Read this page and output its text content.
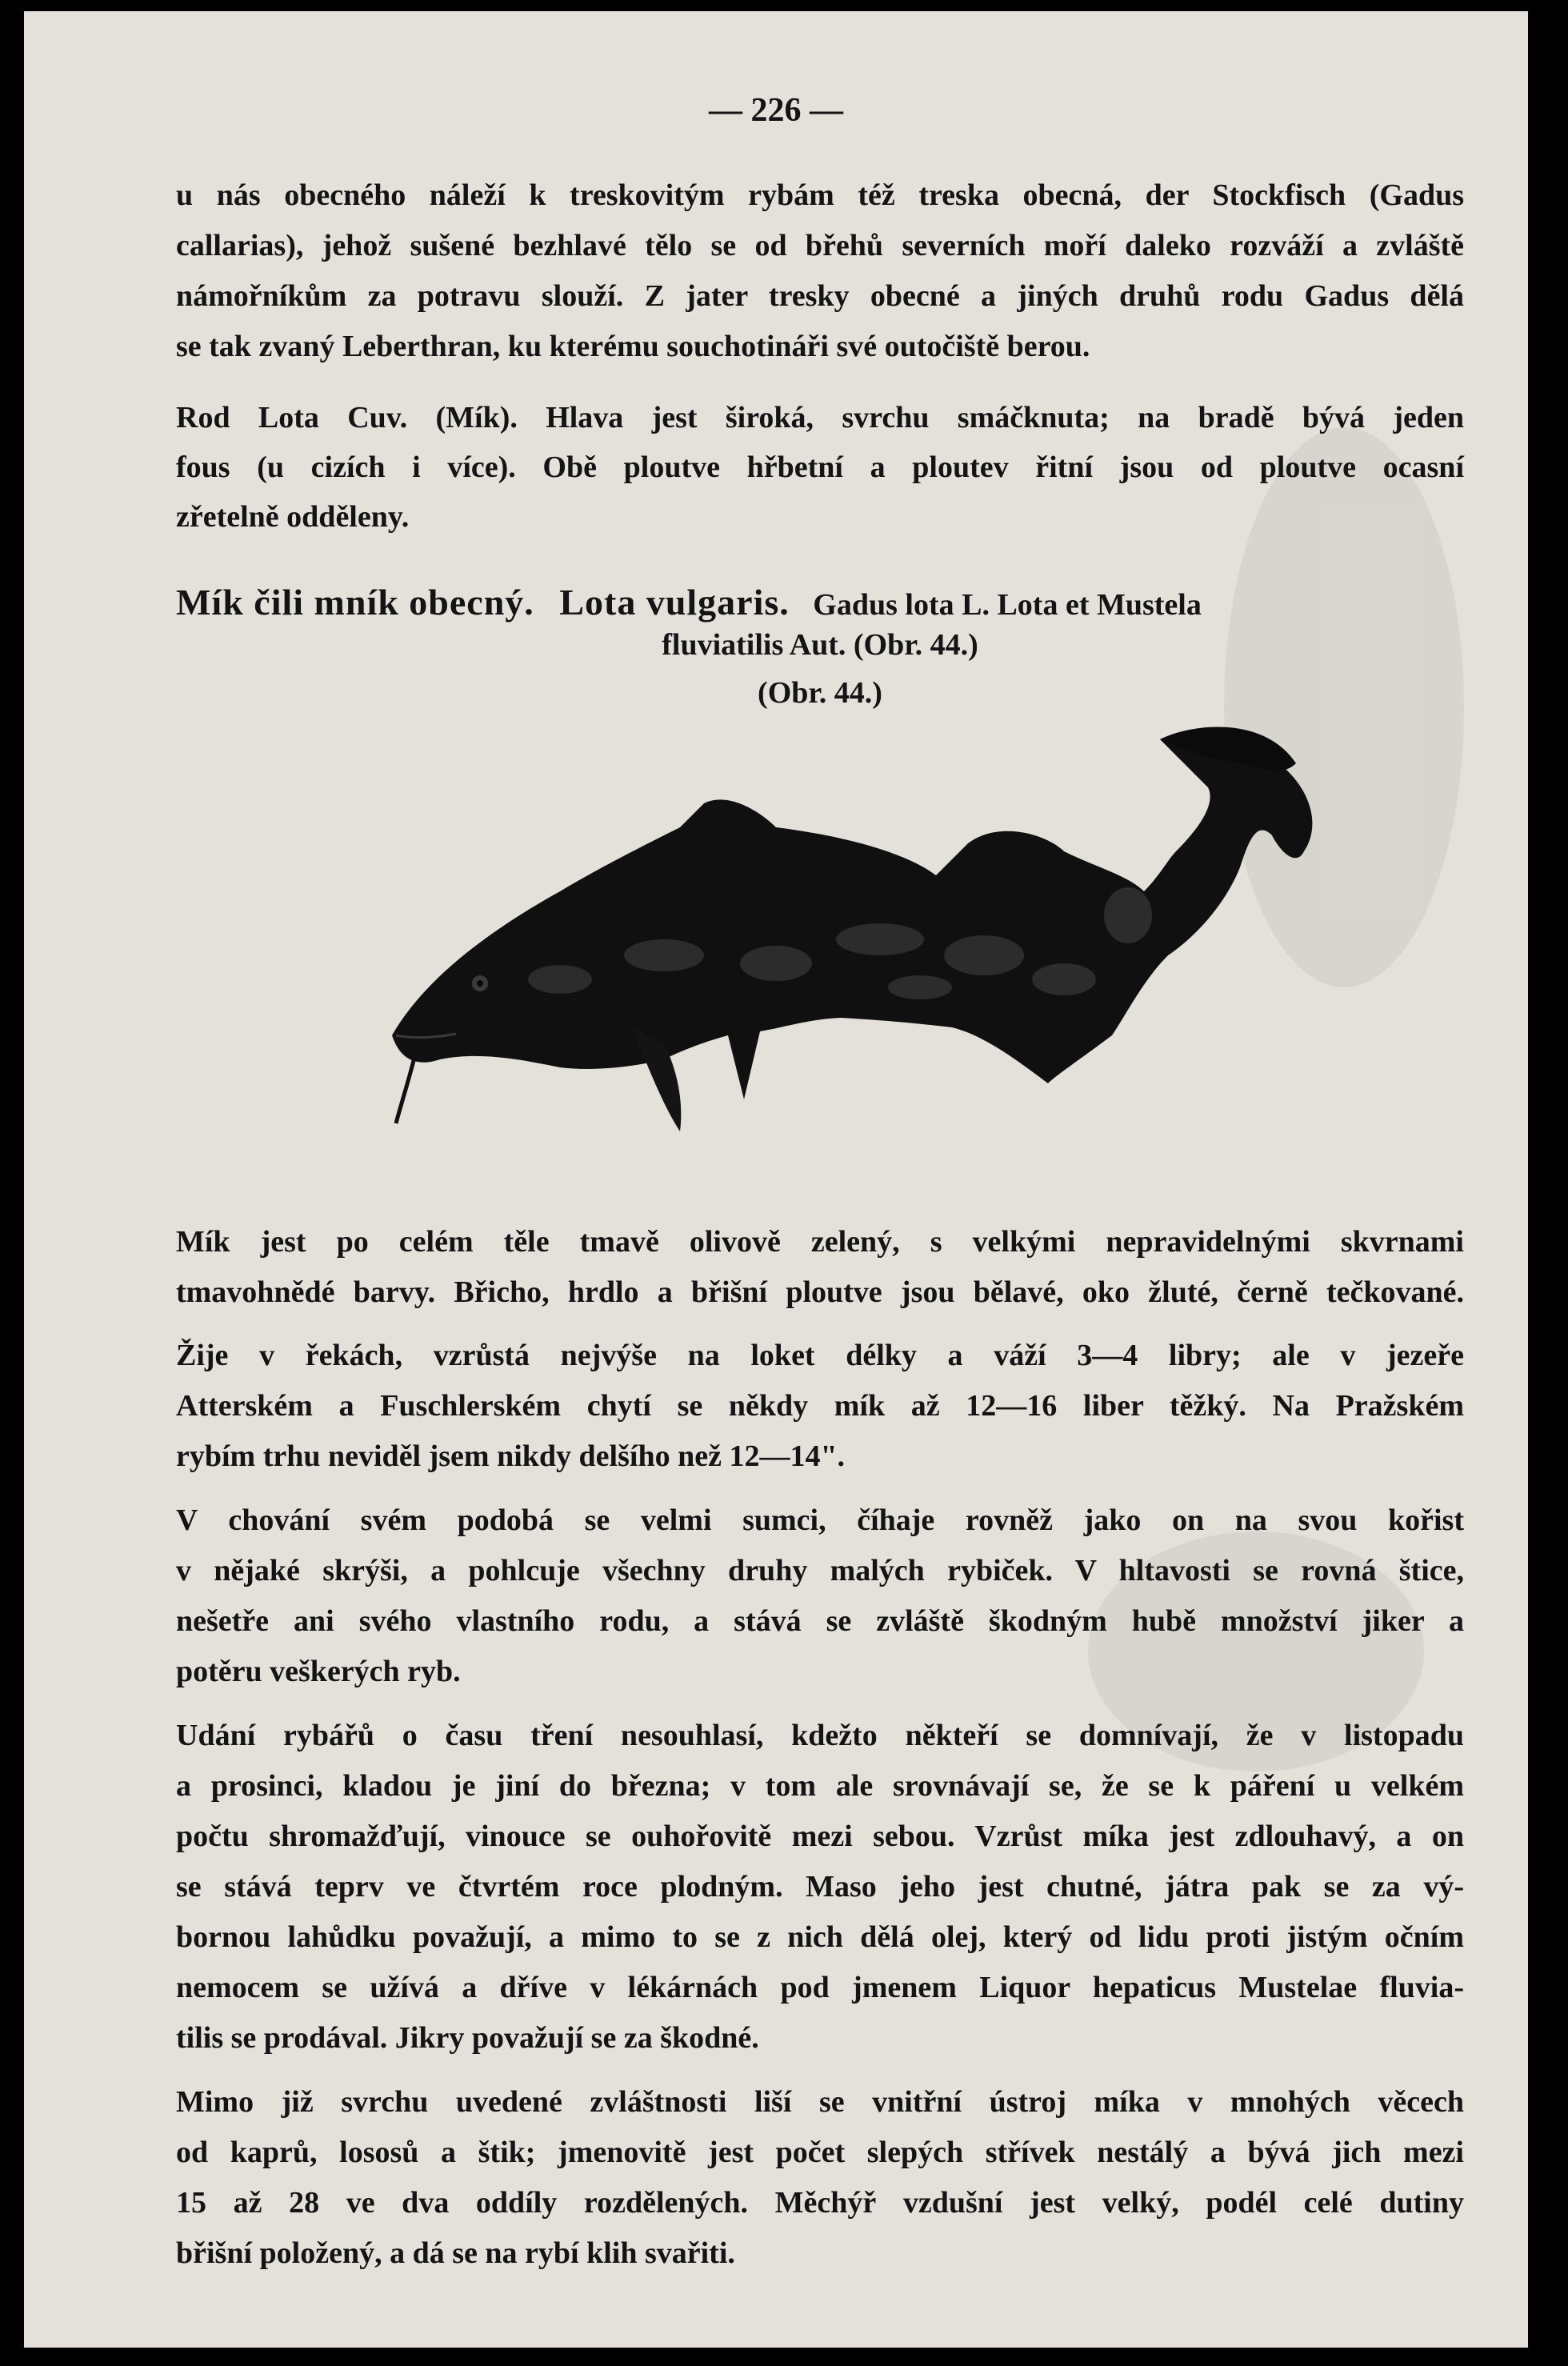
— 226 —
u nás obecného náleží k treskovitým rybám též treska obecná, der Stockfisch (Gadus
callarias), jehož sušené bezhlavé tělo se od břehů severních moří daleko rozváží a zvláště
námořníkům za potravu slouží. Z jater tresky obecné a jiných druhů rodu Gadus dělá
se tak zvaný Leberthran, ku kterému souchotináři své outočiště berou.
Rod Lota Cuv. (Mík). Hlava jest široká, svrchu smáčknuta; na bradě bývá jeden
fous (u cizích i více). Obě ploutve hřbetní a ploutev řitní jsou od ploutve ocasní
zřetelně odděleny.
Mík čili mník obecný. Lota vulgaris. Gadus lota L. Lota et Mustela
fluviatilis Aut. (Obr. 44.)
(Obr. 44.)
Mík jest po celém těle tmavě olivově zelený, s velkými nepravidelnými skvrnami
tmavohnědé barvy. Břicho, hrdlo a břišní ploutve jsou bělavé, oko žluté, černě tečkované.
Žije v řekách, vzrůstá nejvýše na loket délky a váží 3—4 libry; ale v jezeře
Atterském a Fuschlerském chytí se někdy mík až 12—16 liber těžký. Na Pražském
rybím trhu neviděl jsem nikdy delšího než 12—14".
V chování svém podobá se velmi sumci, číhaje rovněž jako on na svou kořist
v nějaké skrýši, a pohlcuje všechny druhy malých rybiček. V hltavosti se rovná štice,
nešetře ani svého vlastního rodu, a stává se zvláště škodným hubě množství jiker a
potěru veškerých ryb.
Udání rybářů o času tření nesouhlasí, kdežto někteří se domnívají, že v listopadu
a prosinci, kladou je jiní do března; v tom ale srovnávají se, že se k páření u velkém
počtu shromažďují, vinouce se ouhořovitě mezi sebou. Vzrůst míka jest zdlouhavý, a on
se stává teprv ve čtvrtém roce plodným. Maso jeho jest chutné, játra pak se za vý-
bornou lahůdku považují, a mimo to se z nich dělá olej, který od lidu proti jistým očním
nemocem se užívá a dříve v lékárnách pod jmenem Liquor hepaticus Mustelae fluvia-
tilis se prodával. Jikry považují se za škodné.
Mimo již svrchu uvedené zvláštnosti liší se vnitřní ústroj míka v mnohých věcech
od kaprů, lososů a štik; jmenovitě jest počet slepých střívek nestálý a bývá jich mezi
15 až 28 ve dva oddíly rozdělených. Měchýř vzdušní jest velký, podél celé dutiny
břišní položený, a dá se na rybí klih svařiti.
